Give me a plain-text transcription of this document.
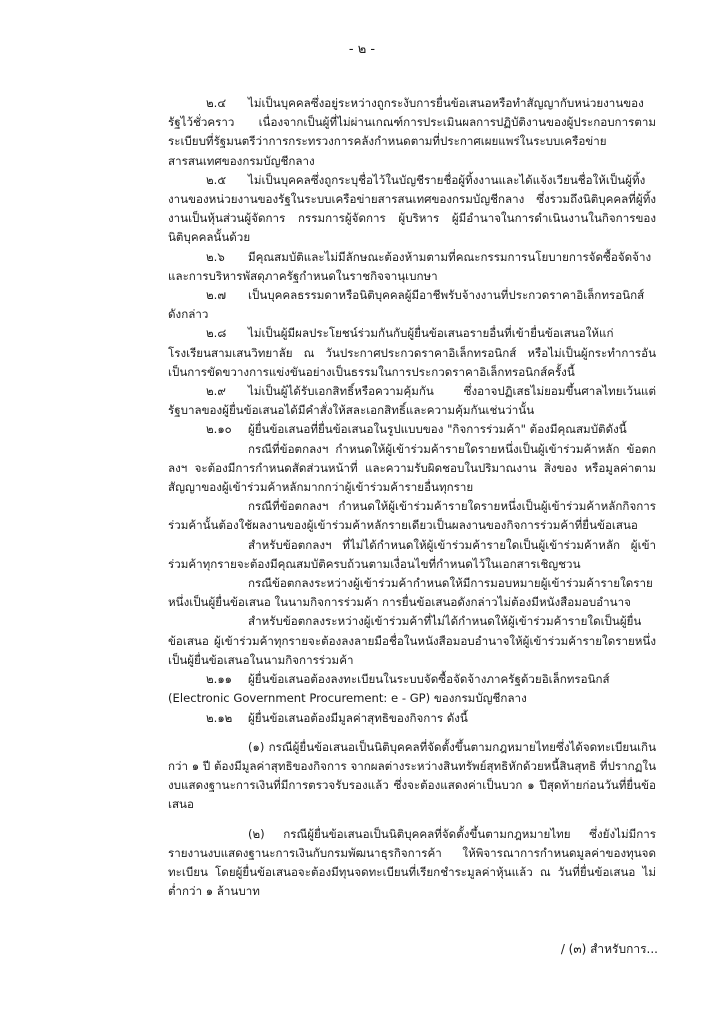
- ๒ -

๒.๔ ไม่เป็นบุคคลซึ่งอยู่ระหว่างถูกระงับการยื่นข้อเสนอหรือทำสัญญากับหน่วยงานของรัฐไว้ชั่วคราว เนื่องจากเป็นผู้ที่ไม่ผ่านเกณฑ์การประเมินผลการปฏิบัติงานของผู้ประกอบการตามระเบียบที่รัฐมนตรีว่าการกระทรวงการคลังกำหนดตามที่ประกาศเผยแพร่ในระบบเครือข่ายสารสนเทศของกรมบัญชีกลาง

๒.๕ ไม่เป็นบุคคลซึ่งถูกระบุชื่อไว้ในบัญชีรายชื่อผู้ทิ้งงานและได้แจ้งเวียนชื่อให้เป็นผู้ทิ้งงานของหน่วยงานของรัฐในระบบเครือข่ายสารสนเทศของกรมบัญชีกลาง ซึ่งรวมถึงนิติบุคคลที่ผู้ทิ้งงานเป็นหุ้นส่วนผู้จัดการ กรรมการผู้จัดการ ผู้บริหาร ผู้มีอำนาจในการดำเนินงานในกิจการของนิติบุคคลนั้นด้วย

๒.๖ มีคุณสมบัติและไม่มีลักษณะต้องห้ามตามที่คณะกรรมการนโยบายการจัดซื้อจัดจ้างและการบริหารพัสดุภาครัฐกำหนดในราชกิจจานุเบกษา

๒.๗ เป็นบุคคลธรรมดาหรือนิติบุคคลผู้มีอาชีพรับจ้างงานที่ประกวดราคาอิเล็กทรอนิกส์ดังกล่าว

๒.๘ ไม่เป็นผู้มีผลประโยชน์ร่วมกันกับผู้ยื่นข้อเสนอรายอื่นที่เข้ายื่นข้อเสนอให้แก่โรงเรียนสามเสนวิทยาลัย ณ วันประกาศประกวดราคาอิเล็กทรอนิกส์ หรือไม่เป็นผู้กระทำการอันเป็นการขัดขวางการแข่งขันอย่างเป็นธรรมในการประกวดราคาอิเล็กทรอนิกส์ครั้งนี้

๒.๙ ไม่เป็นผู้ได้รับเอกสิทธิ์หรือความคุ้มกัน ซึ่งอาจปฏิเสธไม่ยอมขึ้นศาลไทยเว้นแต่รัฐบาลของผู้ยื่นข้อเสนอได้มีคำสั่งให้สละเอกสิทธิ์และความคุ้มกันเช่นว่านั้น

๒.๑๐ ผู้ยื่นข้อเสนอที่ยื่นข้อเสนอในรูปแบบของ "กิจการร่วมค้า" ต้องมีคุณสมบัติดังนี้

กรณีที่ข้อตกลงฯ กำหนดให้ผู้เข้าร่วมค้ารายใดรายหนึ่งเป็นผู้เข้าร่วมค้าหลัก ข้อตกลงฯ จะต้องมีการกำหนดสัดส่วนหน้าที่ และความรับผิดชอบในปริมาณงาน สิ่งของ หรือมูลค่าตามสัญญาของผู้เข้าร่วมค้าหลักมากกว่าผู้เข้าร่วมค้ารายอื่นทุกราย

กรณีที่ข้อตกลงฯ กำหนดให้ผู้เข้าร่วมค้ารายใดรายหนึ่งเป็นผู้เข้าร่วมค้าหลักกิจการร่วมค้านั้นต้องใช้ผลงานของผู้เข้าร่วมค้าหลักรายเดียวเป็นผลงานของกิจการร่วมค้าที่ยื่นข้อเสนอ

สำหรับข้อตกลงฯ ที่ไม่ได้กำหนดให้ผู้เข้าร่วมค้ารายใดเป็นผู้เข้าร่วมค้าหลัก ผู้เข้าร่วมค้าทุกรายจะต้องมีคุณสมบัติครบถ้วนตามเงื่อนไขที่กำหนดไว้ในเอกสารเชิญชวน

กรณีข้อตกลงระหว่างผู้เข้าร่วมค้ากำหนดให้มีการมอบหมายผู้เข้าร่วมค้ารายใดรายหนึ่งเป็นผู้ยื่นข้อเสนอ ในนามกิจการร่วมค้า การยื่นข้อเสนอดังกล่าวไม่ต้องมีหนังสือมอบอำนาจ

สำหรับข้อตกลงระหว่างผู้เข้าร่วมค้าที่ไม่ได้กำหนดให้ผู้เข้าร่วมค้ารายใดเป็นผู้ยื่นข้อเสนอ ผู้เข้าร่วมค้าทุกรายจะต้องลงลายมือชื่อในหนังสือมอบอำนาจให้ผู้เข้าร่วมค้ารายใดรายหนึ่งเป็นผู้ยื่นข้อเสนอในนามกิจการร่วมค้า

๒.๑๑ ผู้ยื่นข้อเสนอต้องลงทะเบียนในระบบจัดซื้อจัดจ้างภาครัฐด้วยอิเล็กทรอนิกส์ (Electronic Government Procurement: e - GP) ของกรมบัญชีกลาง

๒.๑๒ ผู้ยื่นข้อเสนอต้องมีมูลค่าสุทธิของกิจการ ดังนี้

(๑) กรณีผู้ยื่นข้อเสนอเป็นนิติบุคคลที่จัดตั้งขึ้นตามกฎหมายไทยซึ่งได้จดทะเบียนเกินกว่า ๑ ปี ต้องมีมูลค่าสุทธิของกิจการ จากผลต่างระหว่างสินทรัพย์สุทธิหักด้วยหนี้สินสุทธิ ที่ปรากฏในงบแสดงฐานะการเงินที่มีการตรวจรับรองแล้ว ซึ่งจะต้องแสดงค่าเป็นบวก ๑ ปีสุดท้ายก่อนวันที่ยื่นข้อเสนอ

(๒) กรณีผู้ยื่นข้อเสนอเป็นนิติบุคคลที่จัดตั้งขึ้นตามกฎหมายไทย ซึ่งยังไม่มีการรายงานงบแสดงฐานะการเงินกับกรมพัฒนาธุรกิจการค้า ให้พิจารณาการกำหนดมูลค่าของทุนจดทะเบียน โดยผู้ยื่นข้อเสนอจะต้องมีทุนจดทะเบียนที่เรียกชำระมูลค่าหุ้นแล้ว ณ วันที่ยื่นข้อเสนอ ไม่ต่ำกว่า ๑ ล้านบาท

/ (๓) สำหรับการ...
